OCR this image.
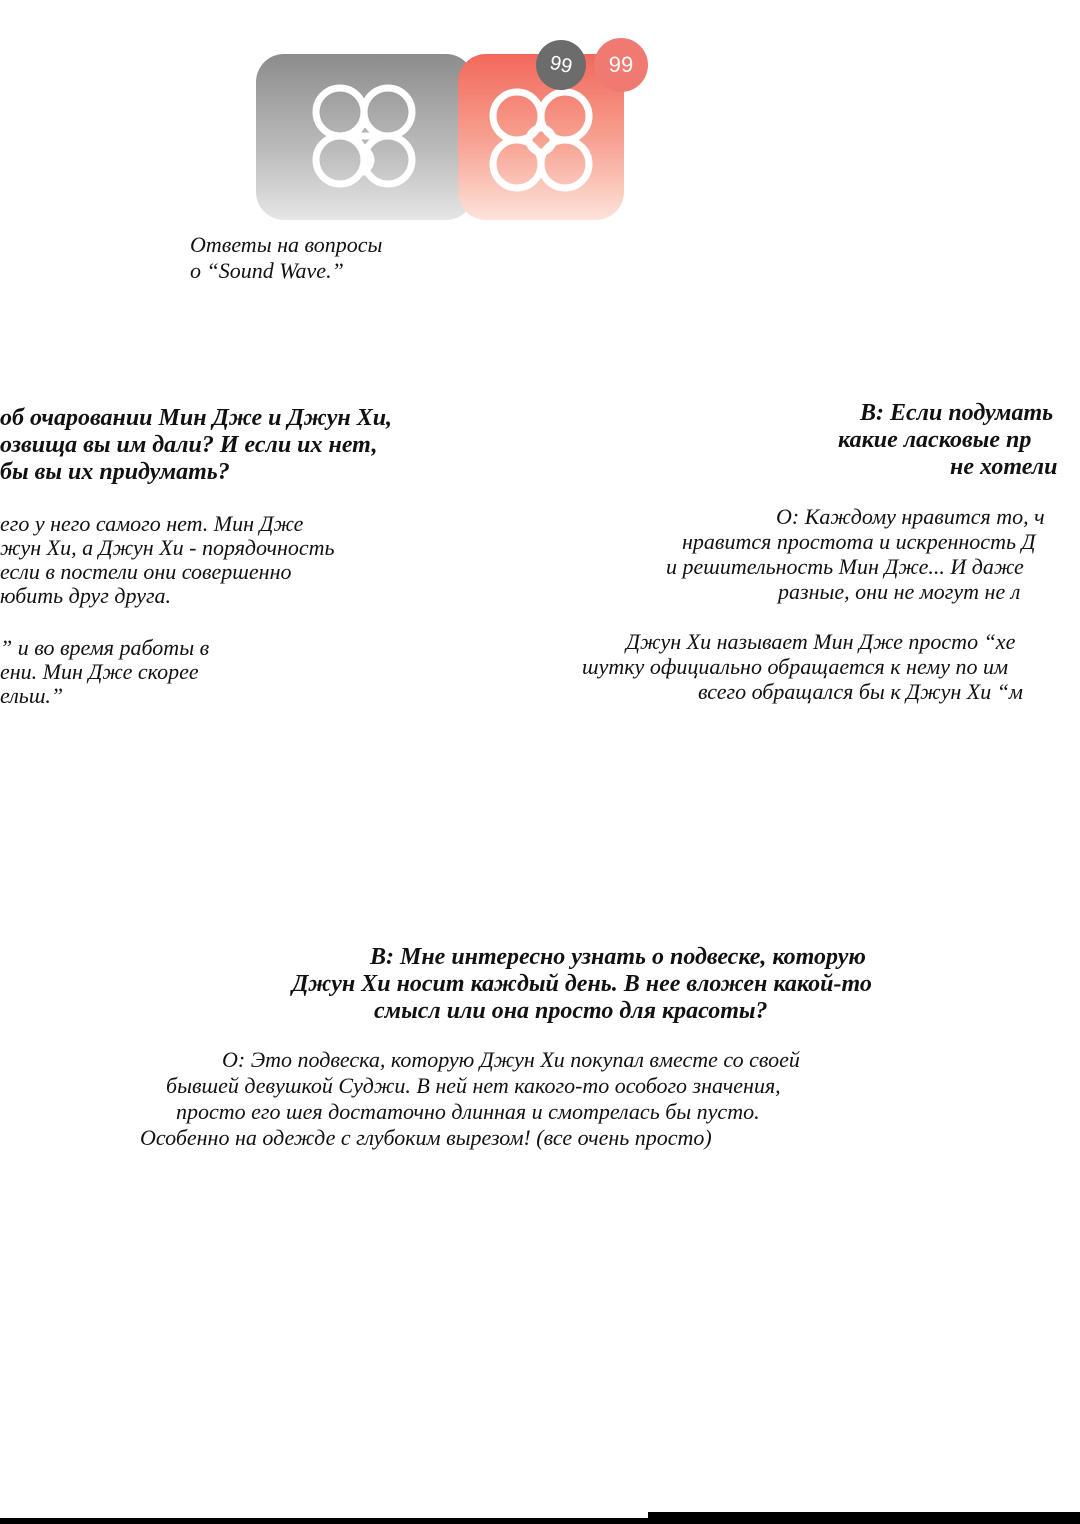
99	99
Ответы на вопросы
о “Sound Wave.”
об очаровании Мин Дже и Джун Хи,
озвища вы им дали? И если их нет,
бы вы их придумать?
его у него самого нет. Мин Дже
жун Хи, а Джун Хи - порядочность
если в постели они совершенно
юбить друг друга.
” и во время работы в
ени. Мин Дже скорее
ельш.”
В: Если подумать
какие ласковые пр
не хотели
О: Каждому нравится то, ч
нравится простота и искренность Д
и решительность Мин Дже... И даже
разные, они не могут не л
Джун Хи называет Мин Дже просто “хе
шутку официально обращается к нему по им
всего обращался бы к Джун Хи “м
В: Мне интересно узнать о подвеске, которую
Джун Хи носит каждый день. В нее вложен какой-то
смысл или она просто для красоты?
О: Это подвеска, которую Джун Хи покупал вместе со своей
бывшей девушкой Суджи. В ней нет какого-то особого значения,
просто его шея достаточно длинная и смотрелась бы пусто.
Особенно на одежде с глубоким вырезом! (все очень просто)
